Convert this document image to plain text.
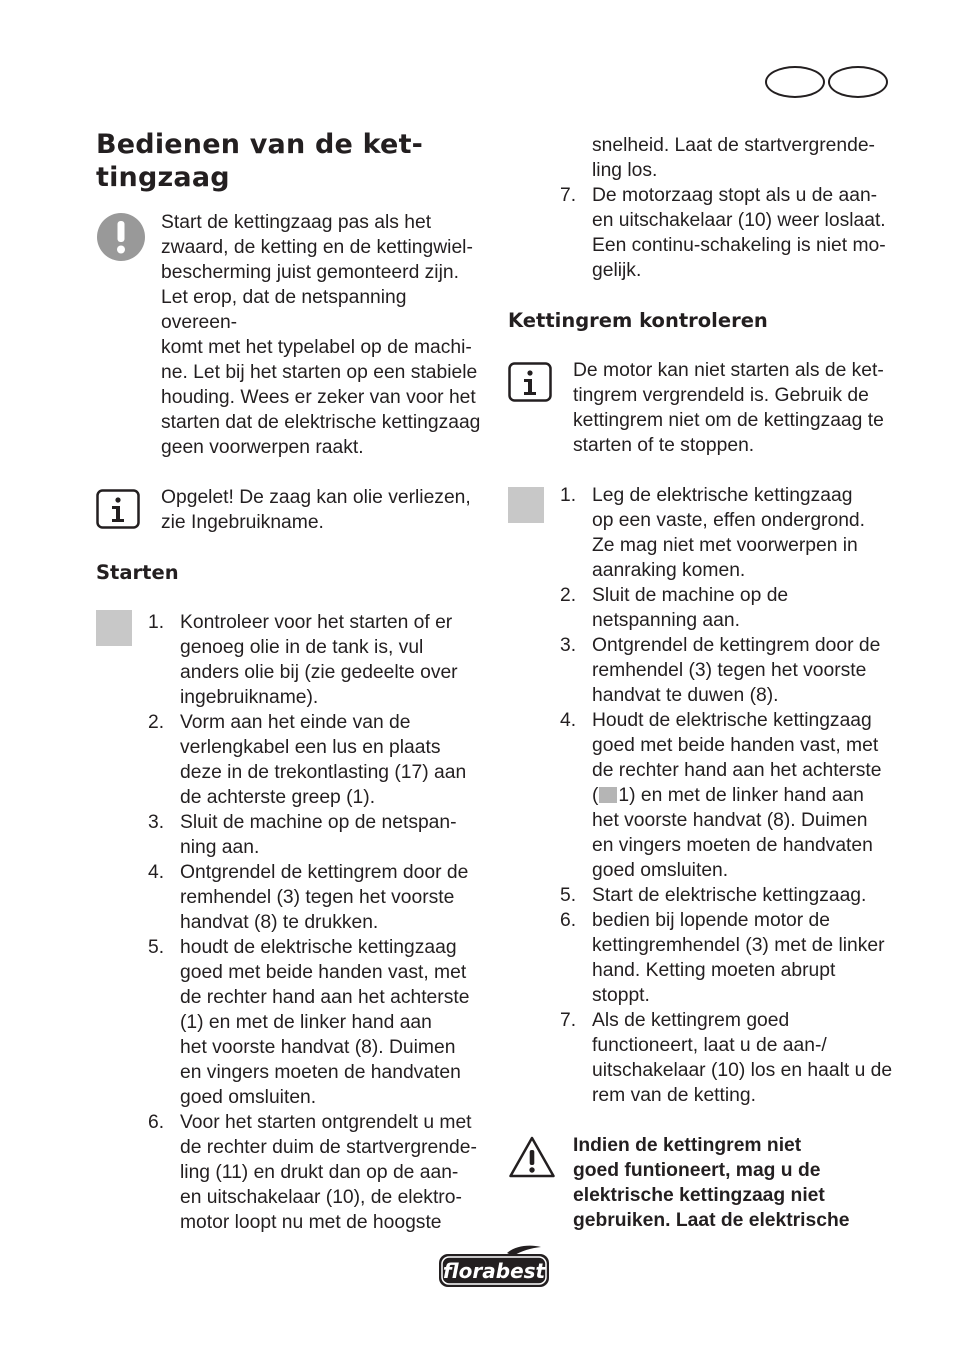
Bedienen van de ket-
tingzaag
Start de kettingzaag pas als het
zwaard, de ketting en de kettingwiel-
bescherming juist gemonteerd zijn.
Let erop, dat de netspanning overeen-
komt met het typelabel op de machi-
ne. Let bij het starten op een stabiele
houding. Wees er zeker van voor het
starten dat de elektrische kettingzaag
geen voorwerpen raakt.
Opgelet! De zaag kan olie verliezen,
zie Ingebruikname.
Starten
1. Kontroleer voor het starten of er
genoeg olie in de tank is, vul
anders olie bij (zie gedeelte over
ingebruikname).
2. Vorm aan het einde van de
verlengkabel een lus en plaats
deze in de trekontlasting (17) aan
de achterste greep (1).
3. Sluit de machine op de netspan-
ning aan.
4. Ontgrendel de kettingrem door de
remhendel (3) tegen het voorste
handvat (8) te drukken.
5. houdt de elektrische kettingzaag
goed met beide handen vast, met
de rechter hand aan het achterste
(1) en met de linker hand aan
het voorste handvat (8). Duimen
en vingers moeten de handvaten
goed omsluiten.
6. Voor het starten ontgrendelt u met
de rechter duim de startvergrende-
ling (11) en drukt dan op de aan-
en uitschakelaar (10), de elektro-
motor loopt nu met de hoogste
snelheid. Laat de startvergrende-
ling los.
7. De motorzaag stopt als u de aan-
en uitschakelaar (10) weer loslaat.
Een continu-schakeling is niet mo-
gelijk.
Kettingrem kontroleren
De motor kan niet starten als de ket-
tingrem vergrendeld is. Gebruik de
kettingrem niet om de kettingzaag te
starten of te stoppen.
1. Leg de elektrische kettingzaag
op een vaste, effen ondergrond.
Ze mag niet met voorwerpen in
aanraking komen.
2. Sluit de machine op de
netspanning aan.
3. Ontgrendel de kettingrem door de
remhendel (3) tegen het voorste
handvat te duwen (8).
4. Houdt de elektrische kettingzaag
goed met beide handen vast, met
de rechter hand aan het achterste
( 1) en met de linker hand aan
het voorste handvat (8). Duimen
en vingers moeten de handvaten
goed omsluiten.
5. Start de elektrische kettingzaag.
6. bedien bij lopende motor de
kettingremhendel (3) met de linker
hand. Ketting moeten abrupt
stoppt.
7. Als de kettingrem goed
functioneert, laat u de aan-/
uitschakelaar (10) los en haalt u de
rem van de ketting.
Indien de kettingrem niet
goed funtioneert, mag u de
elektrische kettingzaag niet
gebruiken. Laat de elektrische
florabest
